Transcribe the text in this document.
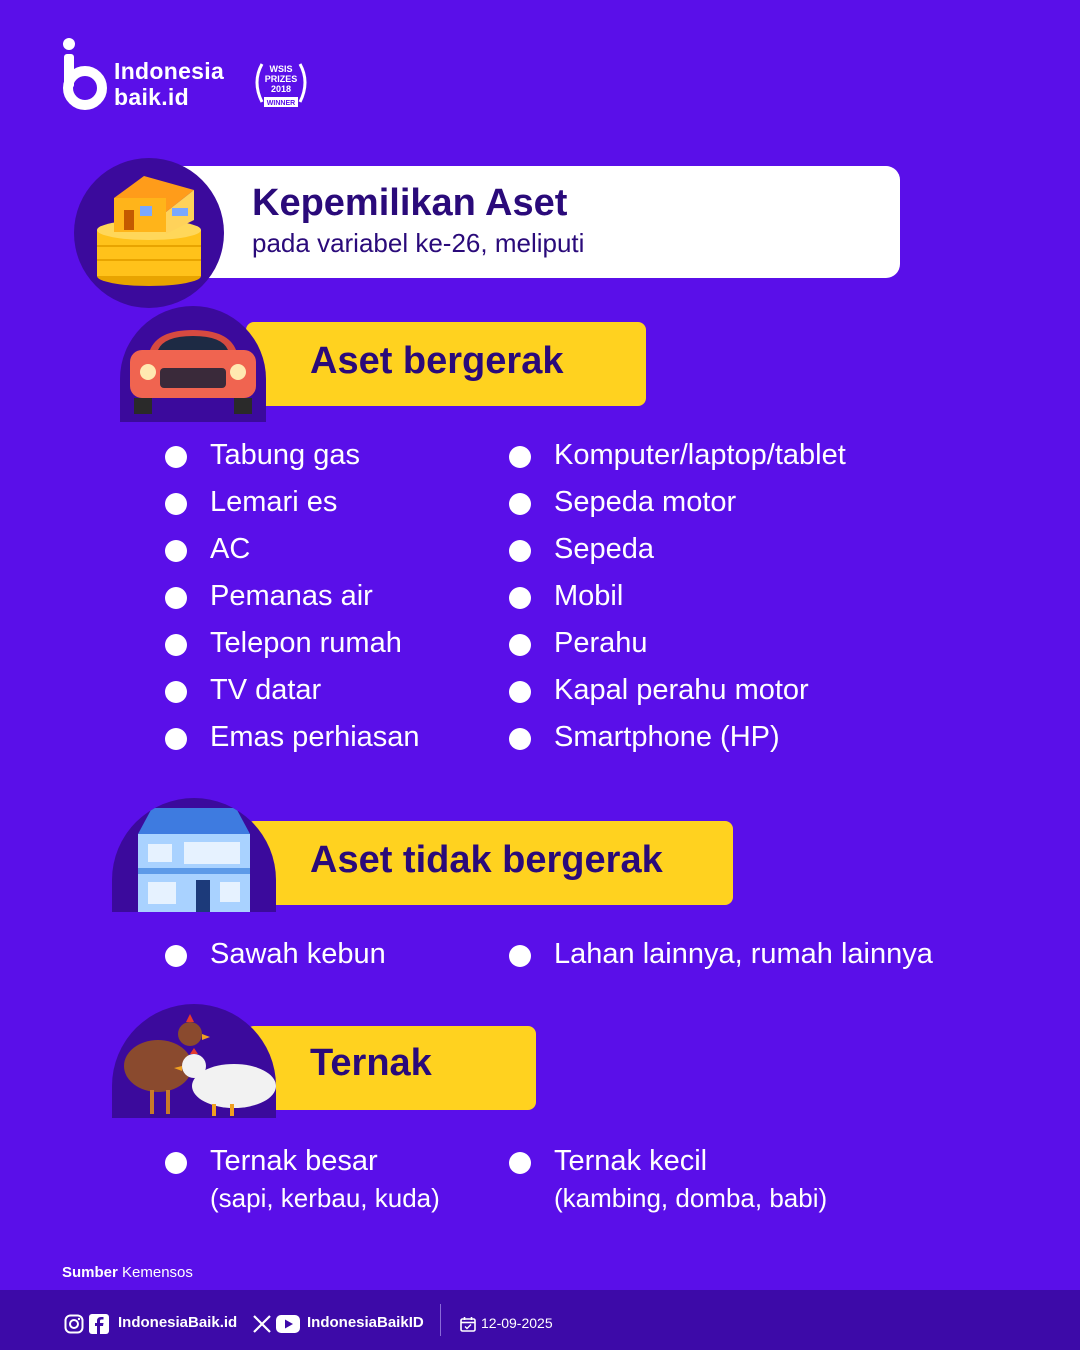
Indonesia
baik.id
WSIS
PRIZES
2018
WINNER
Kepemilikan Aset
pada variabel ke-26, meliputi
Aset bergerak
Tabung gas
Lemari es
AC
Pemanas air
Telepon rumah
TV datar
Emas perhiasan
Komputer/laptop/tablet
Sepeda motor
Sepeda
Mobil
Perahu
Kapal perahu motor
Smartphone (HP)
Aset tidak bergerak
Sawah kebun	Lahan lainnya, rumah lainnya
Ternak
Ternak besar
(sapi, kerbau, kuda)
Ternak kecil
(kambing, domba, babi)
Sumber Kemensos
IndonesiaBaik.id	IndonesiaBaikID	12-09-2025
